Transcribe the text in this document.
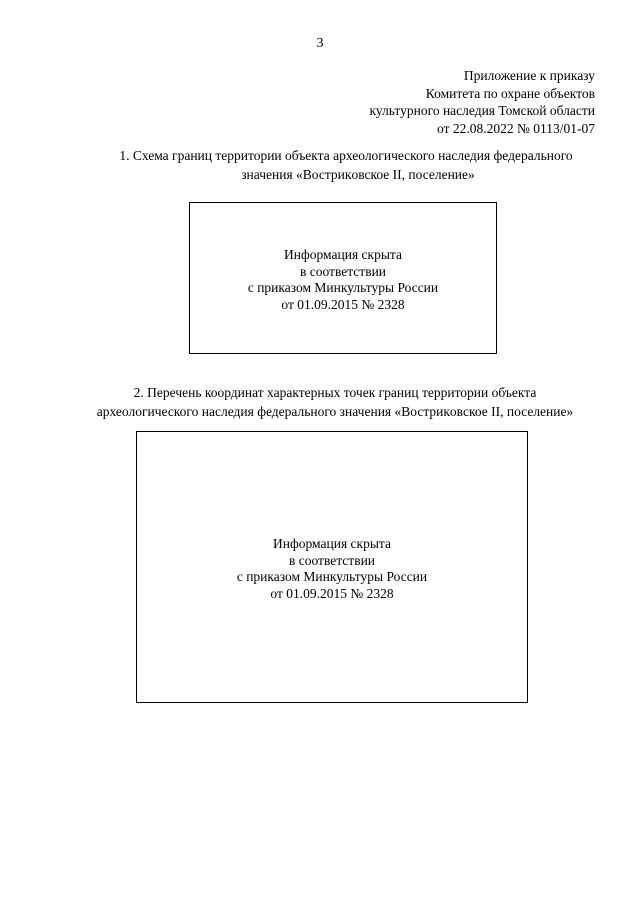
3
Приложение к приказу
Комитета по охране объектов
культурного наследия Томской области
от 22.08.2022 № 0113/01-07
1. Схема границ территории объекта археологического наследия федерального
значения «Вострикoвское II, поселение»
Информация скрыта
в соответствии
с приказом Минкультуры России
от 01.09.2015 № 2328
2. Перечень координат характерных точек границ территории объекта
археологического наследия федерального значения «Вострикoвское II, поселение»
Информация скрыта
в соответствии
с приказом Минкультуры России
от 01.09.2015 № 2328
